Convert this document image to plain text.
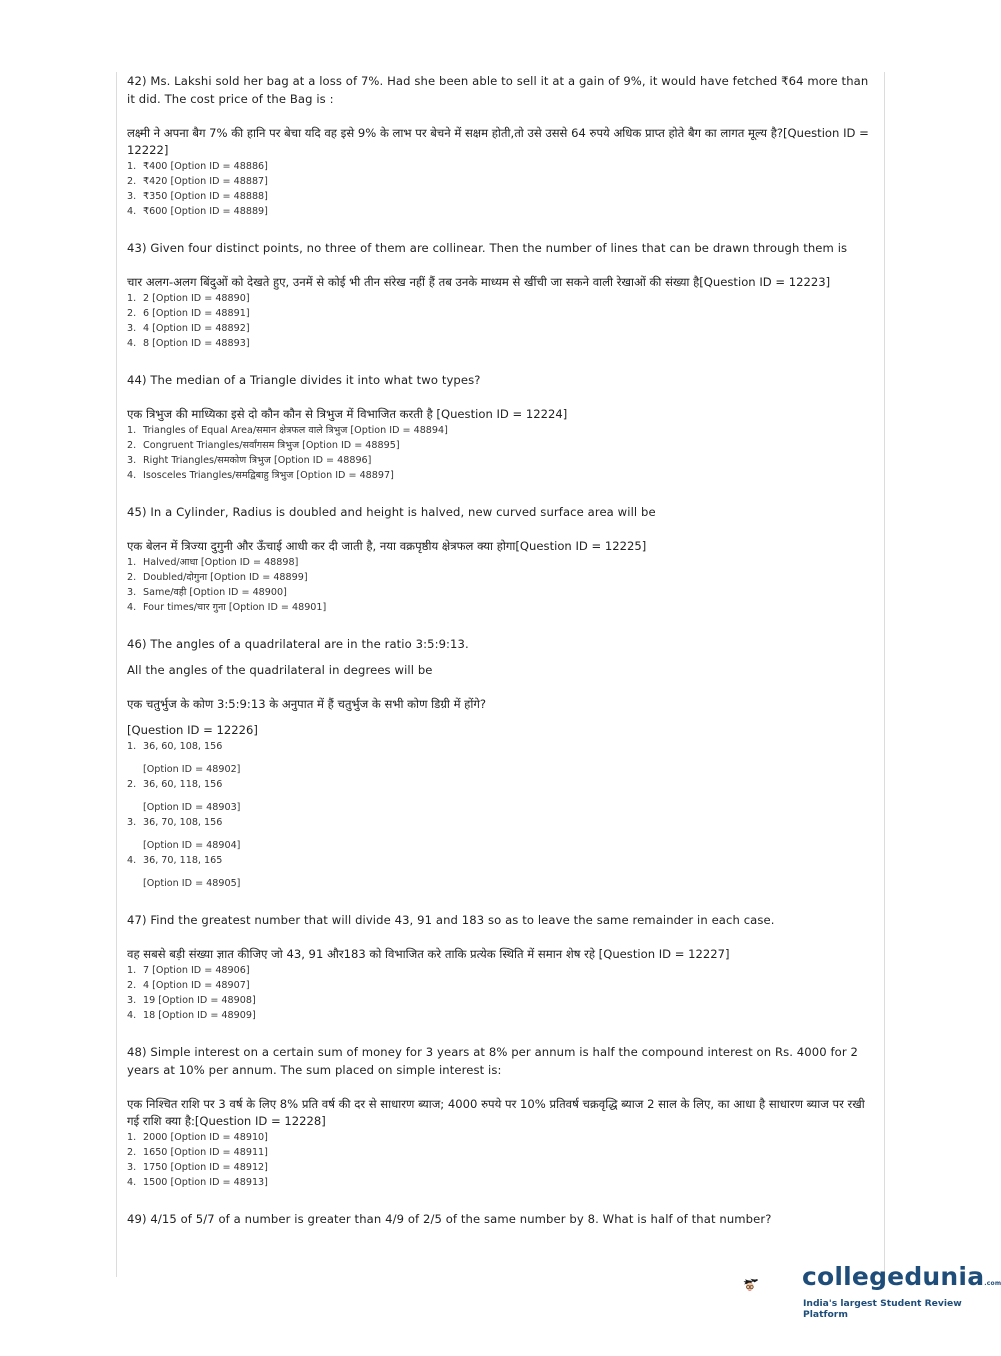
42) Ms. Lakshi sold her bag at a loss of 7%. Had she been able to sell it at a gain of 9%, it would have fetched ₹64 more than it did. The cost price of the Bag is :

लक्ष्मी ने अपना बैग 7% की हानि पर बेचा यदि वह इसे 9% के लाभ पर बेचने में सक्षम होती,तो उसे उससे 64 रुपये अधिक प्राप्त होते बैग का लागत मूल्य है?[Question ID = 12222]

1. ₹400 [Option ID = 48886]
2. ₹420 [Option ID = 48887]
3. ₹350 [Option ID = 48888]
4. ₹600 [Option ID = 48889]

43) Given four distinct points, no three of them are collinear. Then the number of lines that can be drawn through them is

चार अलग-अलग बिंदुओं को देखते हुए, उनमें से कोई भी तीन संरेख नहीं हैं तब उनके माध्यम से खींची जा सकने वाली रेखाओं की संख्या है[Question ID = 12223]

1. 2 [Option ID = 48890]
2. 6 [Option ID = 48891]
3. 4 [Option ID = 48892]
4. 8 [Option ID = 48893]

44) The median of a Triangle divides it into what two types?

एक त्रिभुज की माध्यिका इसे दो कौन कौन से त्रिभुज में विभाजित करती है [Question ID = 12224]

1. Triangles of Equal Area/समान क्षेत्रफल वाले त्रिभुज [Option ID = 48894]
2. Congruent Triangles/सर्वांगसम त्रिभुज [Option ID = 48895]
3. Right Triangles/समकोण त्रिभुज [Option ID = 48896]
4. Isosceles Triangles/समद्विबाहु त्रिभुज [Option ID = 48897]

45) In a Cylinder, Radius is doubled and height is halved, new curved surface area will be

एक बेलन में त्रिज्या दुगुनी और ऊँचाई आधी कर दी जाती है, नया वक्रपृष्ठीय क्षेत्रफल क्या होगा[Question ID = 12225]

1. Halved/आधा [Option ID = 48898]
2. Doubled/दोगुना [Option ID = 48899]
3. Same/वही [Option ID = 48900]
4. Four times/चार गुना [Option ID = 48901]

46) The angles of a quadrilateral are in the ratio 3:5:9:13.

All the angles of the quadrilateral in degrees will be

एक चतुर्भुज के कोण 3:5:9:13 के अनुपात में हैं चतुर्भुज के सभी कोण डिग्री में होंगे?

[Question ID = 12226]

1. 36, 60, 108, 156

[Option ID = 48902]

2. 36, 60, 118, 156

[Option ID = 48903]

3. 36, 70, 108, 156

[Option ID = 48904]

4. 36, 70, 118, 165

[Option ID = 48905]

47) Find the greatest number that will divide 43, 91 and 183 so as to leave the same remainder in each case.

वह सबसे बड़ी संख्या ज्ञात कीजिए जो 43, 91 और183 को विभाजित करे ताकि प्रत्येक स्थिति में समान शेष रहे [Question ID = 12227]

1. 7 [Option ID = 48906]
2. 4 [Option ID = 48907]
3. 19 [Option ID = 48908]
4. 18 [Option ID = 48909]

48) Simple interest on a certain sum of money for 3 years at 8% per annum is half the compound interest on Rs. 4000 for 2 years at 10% per annum. The sum placed on simple interest is:

एक निश्चित राशि पर 3 वर्ष के लिए 8% प्रति वर्ष की दर से साधारण ब्याज; 4000 रुपये पर 10% प्रतिवर्ष चक्रवृद्धि ब्याज 2 साल के लिए, का आधा है साधारण ब्याज पर रखी गई राशि क्या है:[Question ID = 12228]

1. 2000 [Option ID = 48910]
2. 1650 [Option ID = 48911]
3. 1750 [Option ID = 48912]
4. 1500 [Option ID = 48913]

49) 4/15 of 5/7 of a number is greater than 4/9 of 2/5 of the same number by 8. What is half of that number?

collegedunia.com
India's largest Student Review Platform
